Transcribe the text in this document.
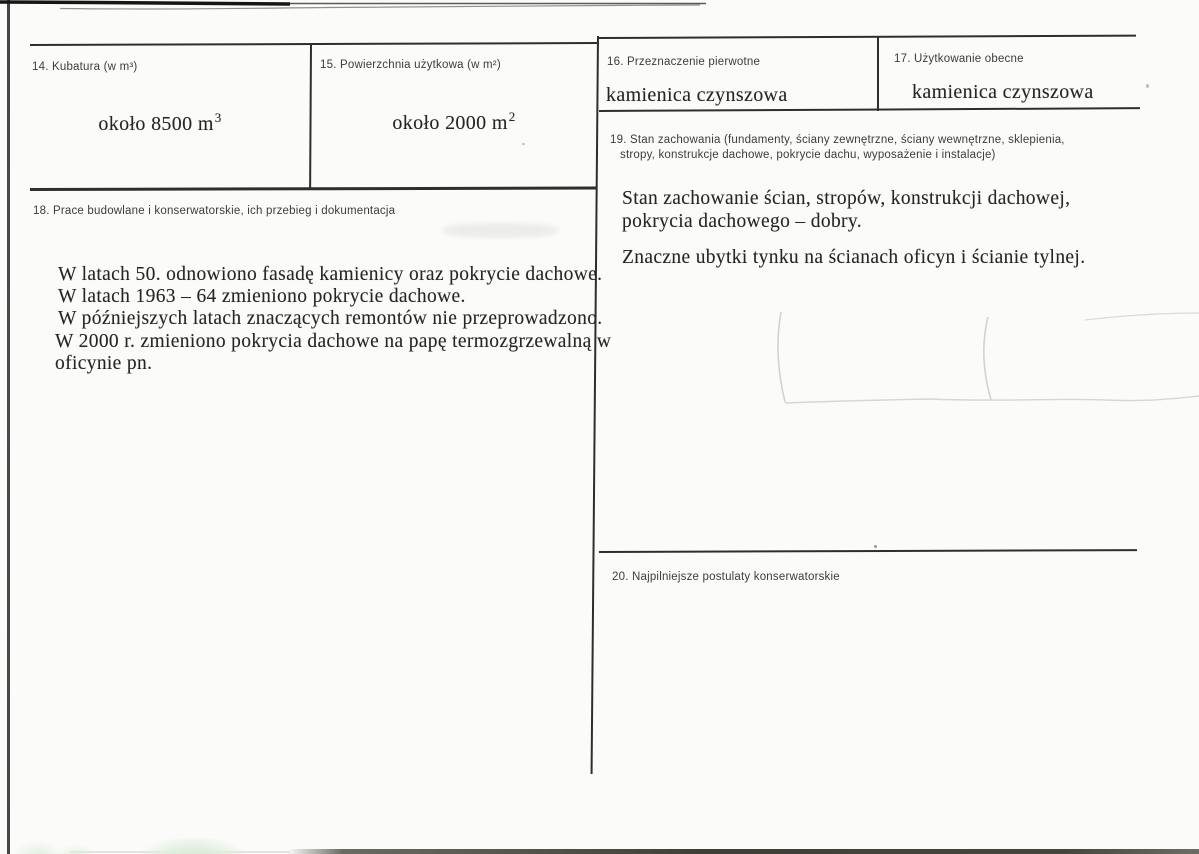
14. Kubatura (w m³)
około 8500 $m^3$
15. Powierzchnia użytkowa (w m²)
około 2000 $m^2$
16. Przeznaczenie pierwotne
kamienica czynszowa
17. Użytkowanie obecne
kamienica czynszowa
19. Stan zachowania (fundamenty, ściany zewnętrzne, ściany wewnętrzne, sklepienia,
stropy, konstrukcje dachowe, pokrycie dachu, wyposażenie i instalacje)
Stan zachowanie ścian, stropów, konstrukcji dachowej,
pokrycia dachowego – dobry.
Znaczne ubytki tynku na ścianach oficyn i ścianie tylnej.
18. Prace budowlane i konserwatorskie, ich przebieg i dokumentacja
W latach 50. odnowiono fasadę kamienicy oraz pokrycie dachowe.
W latach 1963 – 64 zmieniono pokrycie dachowe.
W późniejszych latach znaczących remontów nie przeprowadzono.
W 2000 r. zmieniono pokrycia dachowe na papę termozgrzewalną w
oficynie pn.
20. Najpilniejsze postulaty konserwatorskie
